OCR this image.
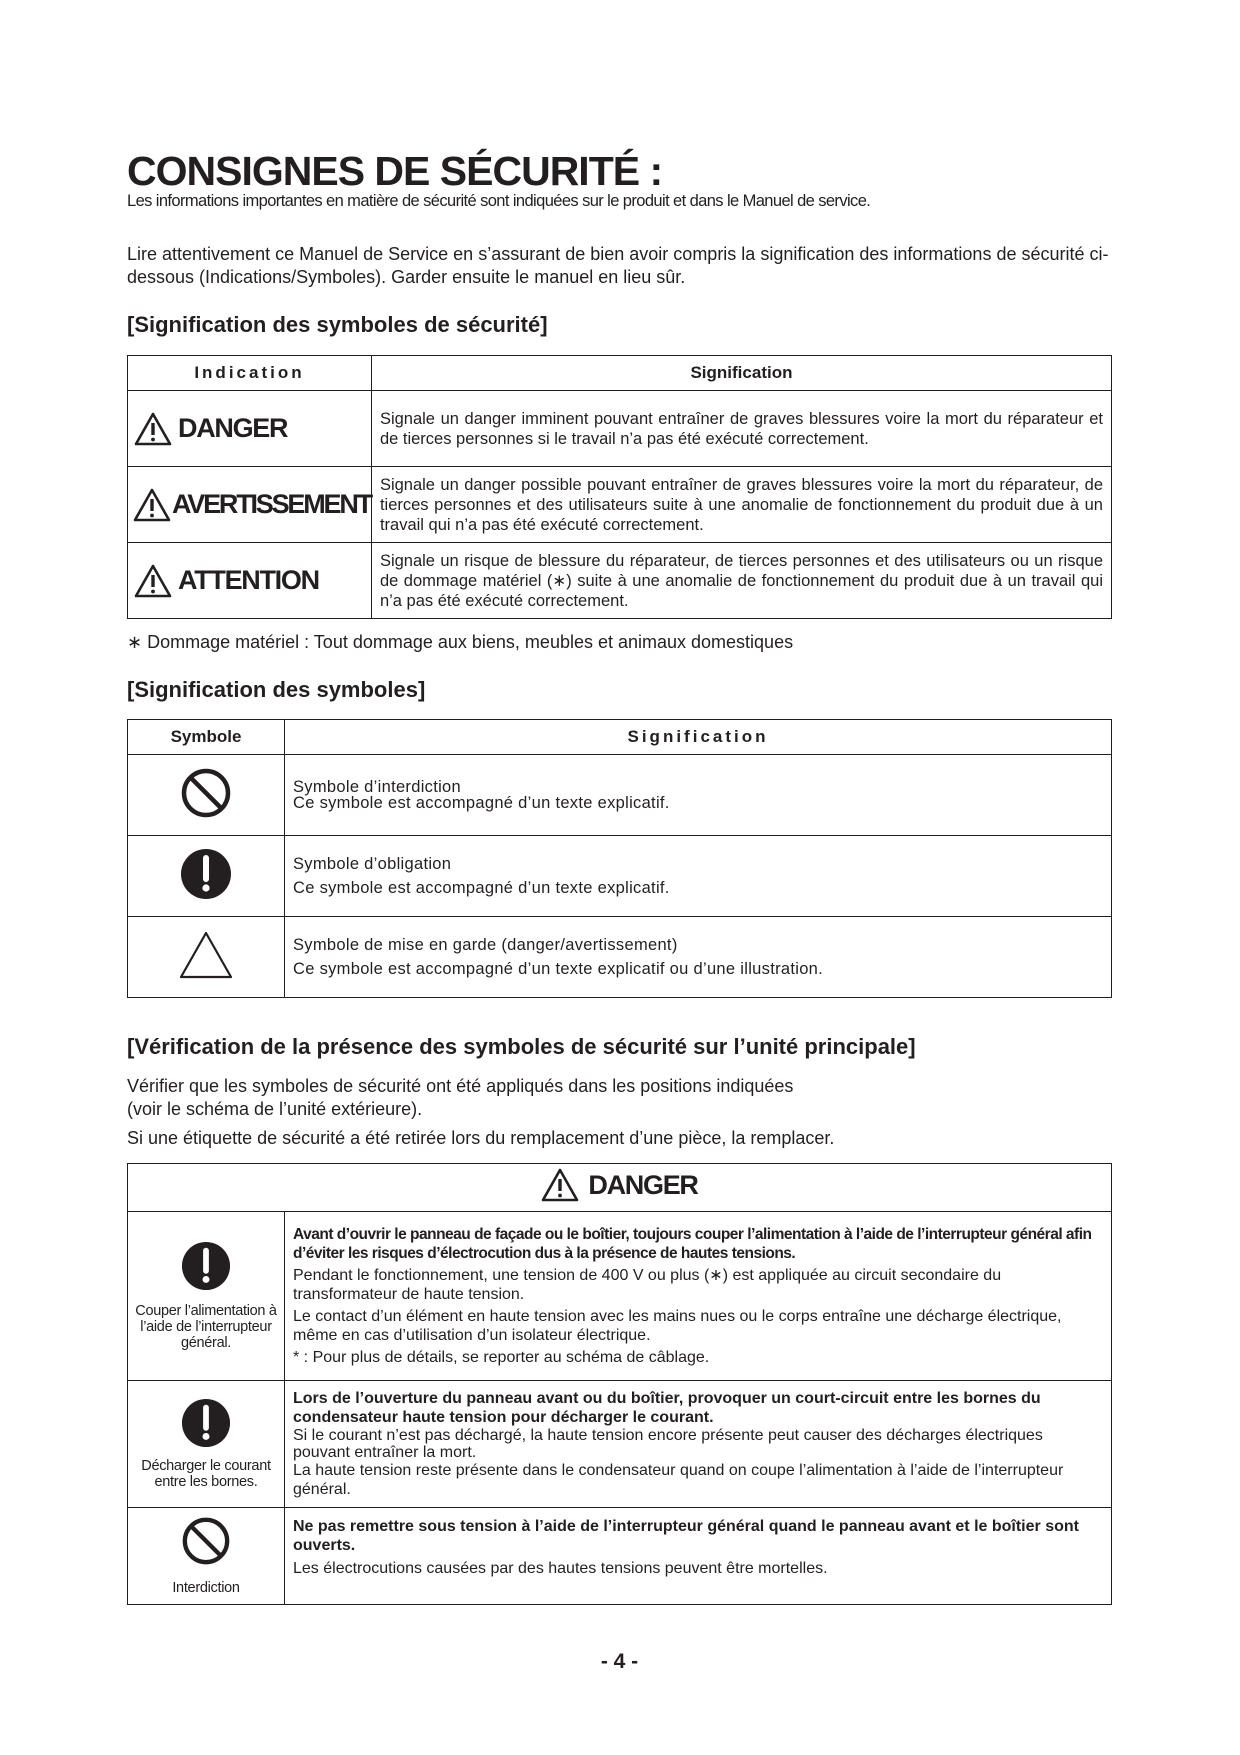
CONSIGNES DE SÉCURITÉ :

Les informations importantes en matière de sécurité sont indiquées sur le produit et dans le Manuel de service.

Lire attentivement ce Manuel de Service en s’assurant de bien avoir compris la signification des informations de sécurité ci-dessous (Indications/Symboles). Garder ensuite le manuel en lieu sûr.

[Signification des symboles de sécurité]

Indication	Signification

DANGER	Signale un danger imminent pouvant entraîner de graves blessures voire la mort du réparateur et de tierces personnes si le travail n’a pas été exécuté correctement.

AVERTISSEMENT	Signale un danger possible pouvant entraîner de graves blessures voire la mort du réparateur, de tierces personnes et des utilisateurs suite à une anomalie de fonctionnement du produit due à un travail qui n’a pas été exécuté correctement.

ATTENTION	Signale un risque de blessure du réparateur, de tierces personnes et des utilisateurs ou un risque de dommage matériel (∗) suite à une anomalie de fonctionnement du produit due à un travail qui n’a pas été exécuté correctement.
∗ Dommage matériel : Tout dommage aux biens, meubles et animaux domestiques

[Signification des symboles]

Symbole	Signification

Symbole d’interdiction
Ce symbole est accompagné d’un texte explicatif.

Symbole d’obligation
Ce symbole est accompagné d’un texte explicatif.

Symbole de mise en garde (danger/avertissement)
Ce symbole est accompagné d’un texte explicatif ou d’une illustration.

[Vérification de la présence des symboles de sécurité sur l’unité principale]

Vérifier que les symboles de sécurité ont été appliqués dans les positions indiquées

(voir le schéma de l’unité extérieure).

Si une étiquette de sécurité a été retirée lors du remplacement d’une pièce, la remplacer.

DANGER	

Couper l’alimentation à l’aide de l’interrupteur général.	Avant d’ouvrir le panneau de façade ou le boîtier, toujours couper l’alimentation à l’aide de l’interrupteur général afin d’éviter les risques d’électrocution dus à la présence de hautes tensions.
Pendant le fonctionnement, une tension de 400 V ou plus (∗) est appliquée au circuit secondaire du transformateur de haute tension.
Le contact d’un élément en haute tension avec les mains nues ou le corps entraîne une décharge électrique, même en cas d’utilisation d’un isolateur électrique.
* : Pour plus de détails, se reporter au schéma de câblage.

Décharger le courant entre les bornes.	Lors de l’ouverture du panneau avant ou du boîtier, provoquer un court-circuit entre les bornes du condensateur haute tension pour décharger le courant.
Si le courant n’est pas déchargé, la haute tension encore présente peut causer des décharges électriques pouvant entraîner la mort.
La haute tension reste présente dans le condensateur quand on coupe l’alimentation à l’aide de l’interrupteur général.

Interdiction	Ne pas remettre sous tension à l’aide de l’interrupteur général quand le panneau avant et le boîtier sont ouverts.
Les électrocutions causées par des hautes tensions peuvent être mortelles.
- 4 -
